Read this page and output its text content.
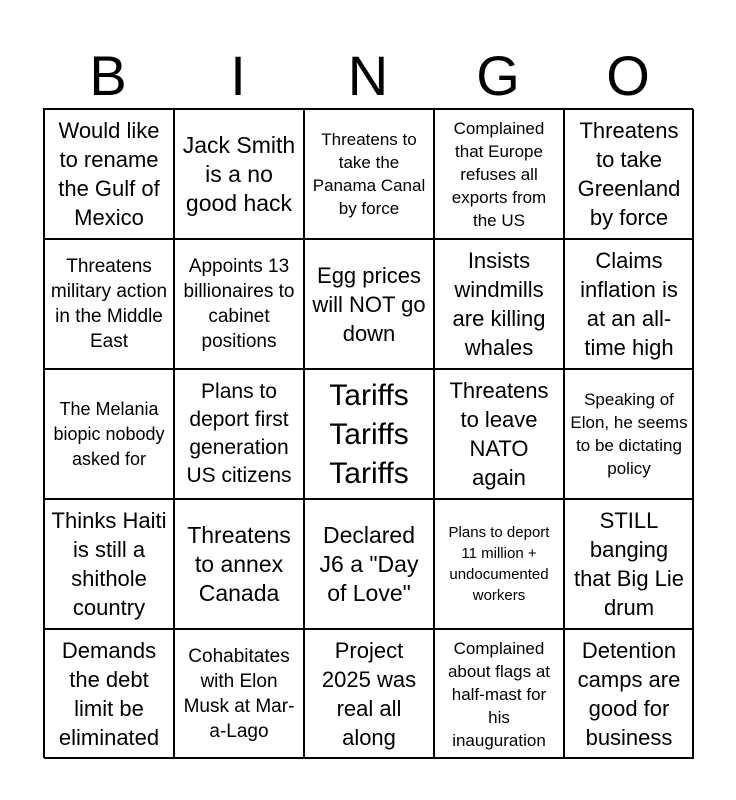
B	I	N	G	O
Would like to rename the Gulf of Mexico
Jack Smith is a no good hack
Threatens to take the Panama Canal by force
Complained that Europe refuses all exports from the US
Threatens to take Greenland by force
Threatens military action in the Middle East
Appoints 13 billionaires to cabinet positions
Egg prices will NOT go down
Insists windmills are killing whales
Claims inflation is at an all-time high
The Melania biopic nobody asked for
Plans to deport first generation US citizens
Tariffs Tariffs Tariffs
Threatens to leave NATO again
Speaking of Elon, he seems to be dictating policy
Thinks Haiti is still a shithole country
Threatens to annex Canada
Declared J6 a "Day of Love"
Plans to deport 11 million + undocumented workers
STILL banging that Big Lie drum
Demands the debt limit be eliminated
Cohabitates with Elon Musk at Mar-a-Lago
Project 2025 was real all along
Complained about flags at half-mast for his inauguration
Detention camps are good for business
